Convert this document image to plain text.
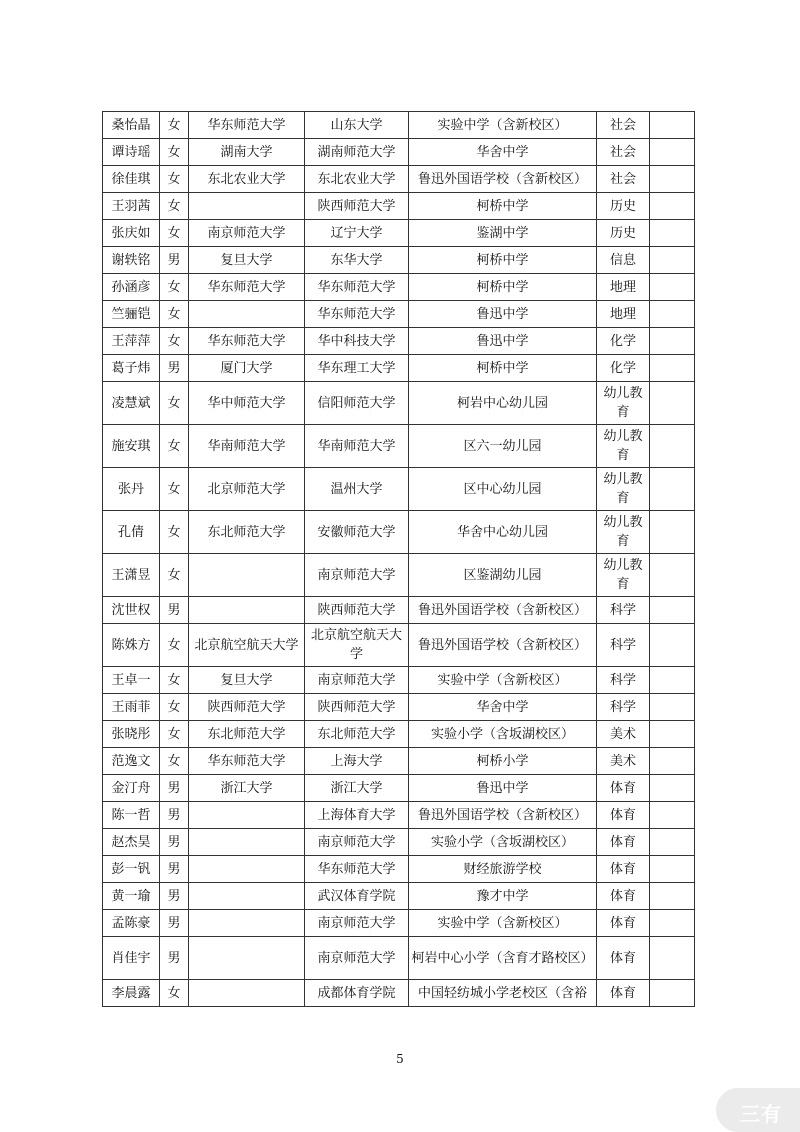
桑怡晶	女	华东师范大学	山东大学	实验中学（含新校区）	社会	
谭诗瑶	女	湖南大学	湖南师范大学	华舍中学	社会	
徐佳琪	女	东北农业大学	东北农业大学	鲁迅外国语学校（含新校区）	社会	
王羽茜	女		陕西师范大学	柯桥中学	历史	
张庆如	女	南京师范大学	辽宁大学	鉴湖中学	历史	
谢轶铭	男	复旦大学	东华大学	柯桥中学	信息	
孙涵彦	女	华东师范大学	华东师范大学	柯桥中学	地理	
竺骊铠	女		华东师范大学	鲁迅中学	地理	
王萍萍	女	华东师范大学	华中科技大学	鲁迅中学	化学	
葛子炜	男	厦门大学	华东理工大学	柯桥中学	化学	
凌慧斌	女	华中师范大学	信阳师范大学	柯岩中心幼儿园	幼儿教育	
施安琪	女	华南师范大学	华南师范大学	区六一幼儿园	幼儿教育	
张丹	女	北京师范大学	温州大学	区中心幼儿园	幼儿教育	
孔倩	女	东北师范大学	安徽师范大学	华舍中心幼儿园	幼儿教育	
王潇昱	女		南京师范大学	区鉴湖幼儿园	幼儿教育	
沈世权	男		陕西师范大学	鲁迅外国语学校（含新校区）	科学	
陈姝方	女	北京航空航天大学	北京航空航天大学	鲁迅外国语学校（含新校区）	科学	
王卓一	女	复旦大学	南京师范大学	实验中学（含新校区）	科学	
王雨菲	女	陕西师范大学	陕西师范大学	华舍中学	科学	
张晓彤	女	东北师范大学	东北师范大学	实验小学（含坂湖校区）	美术	
范逸文	女	华东师范大学	上海大学	柯桥小学	美术	
金汀舟	男	浙江大学	浙江大学	鲁迅中学	体育	
陈一哲	男		上海体育大学	鲁迅外国语学校（含新校区）	体育	
赵杰昊	男		南京师范大学	实验小学（含坂湖校区）	体育	
彭一钒	男		华东师范大学	财经旅游学校	体育	
黄一瑜	男		武汉体育学院	豫才中学	体育	
孟陈豪	男		南京师范大学	实验中学（含新校区）	体育	
肖佳宇	男		南京师范大学	柯岩中心小学（含育才路校区）	体育	
李晨露	女		成都体育学院	中国轻纺城小学老校区（含裕	体育	
5
三有
